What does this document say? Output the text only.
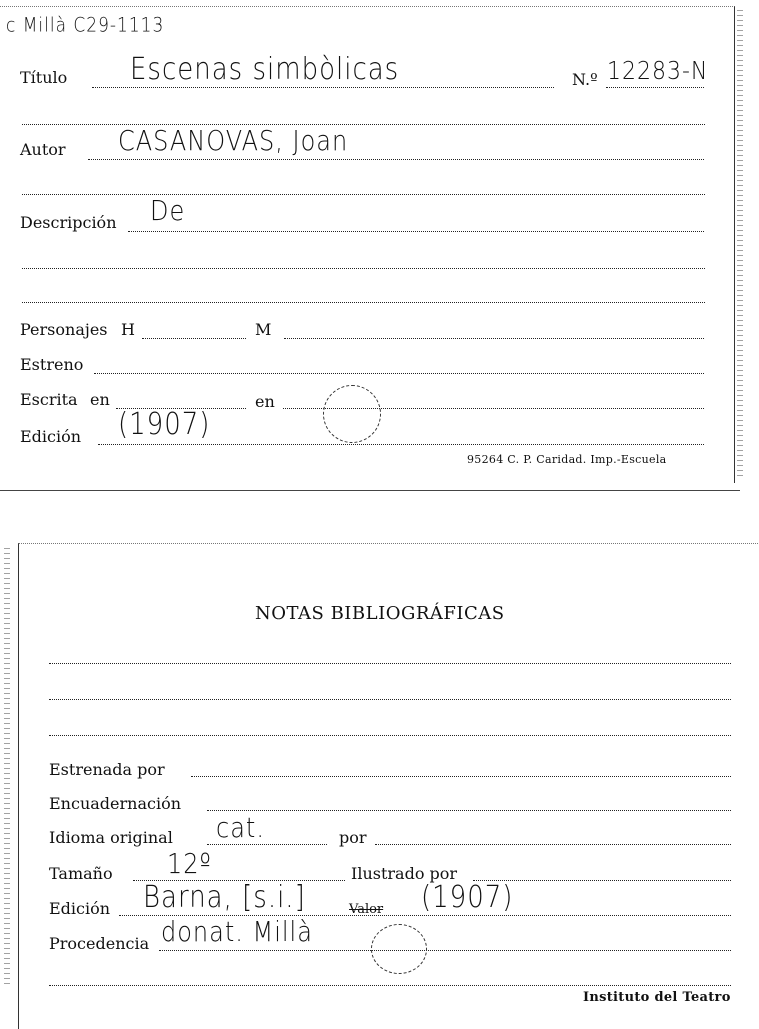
c Millà C29-1113
Título Escenas simbòlicas	N.º 12283-N
Autor CASANOVAS, Joan
Descripción De
Personajes H	M
Estreno
Escrita en	en
Edición (1907)
95264 C. P. Caridad. Imp.-Escuela
NOTAS BIBLIOGRÁFICAS
Estrenada por
Encuadernación
Idioma original cat.	por
Tamaño 12º	Ilustrado por
Edición Barna, [s.i.]	Valor (1907)
Procedencia donat. Millà
Instituto del Teatro
